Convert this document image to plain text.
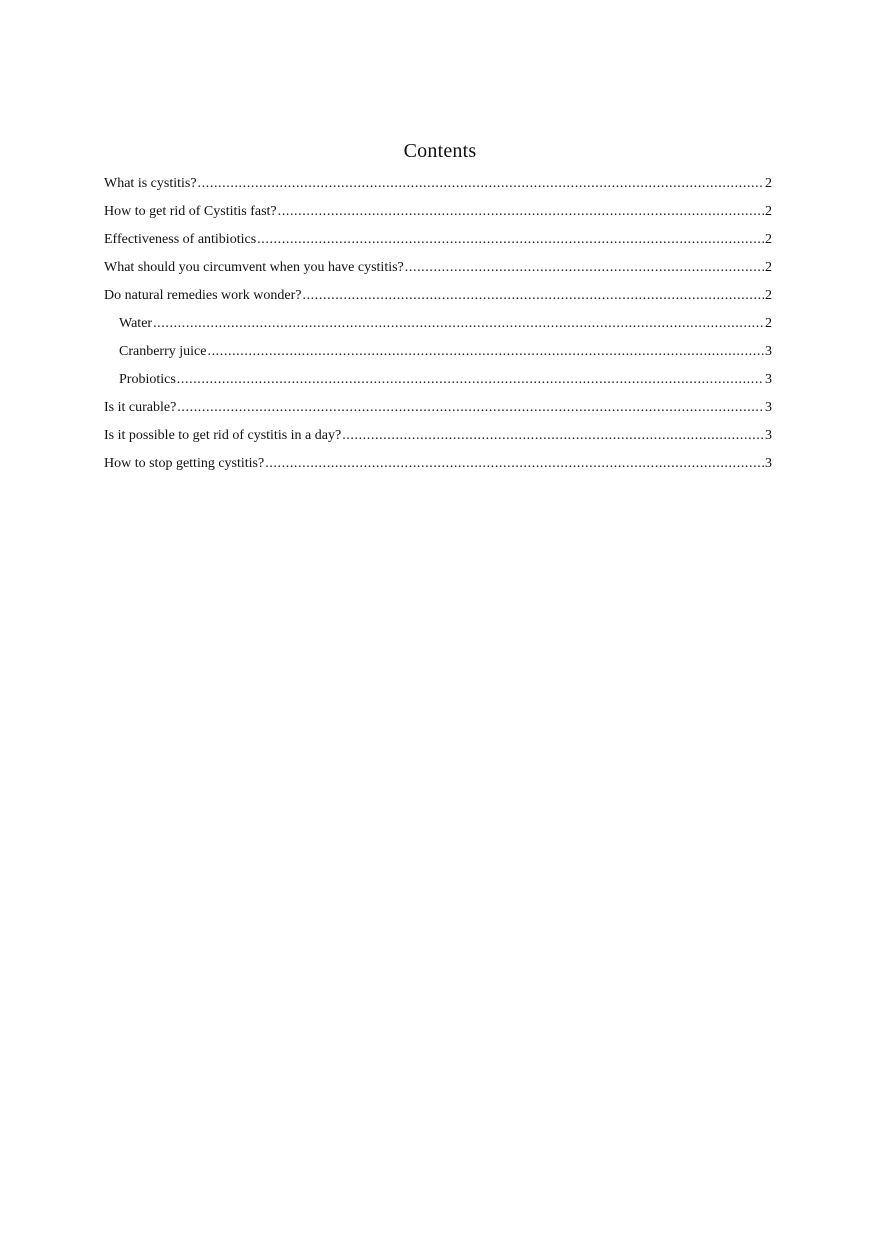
Contents
What is cystitis? .....	2
How to get rid of Cystitis fast? .....	2
Effectiveness of antibiotics .....	2
What should you circumvent when you have cystitis? .....	2
Do natural remedies work wonder? .....	2
Water .....	2
Cranberry juice .....	3
Probiotics .....	3
Is it curable? .....	3
Is it possible to get rid of cystitis in a day? .....	3
How to stop getting cystitis? .....	3
